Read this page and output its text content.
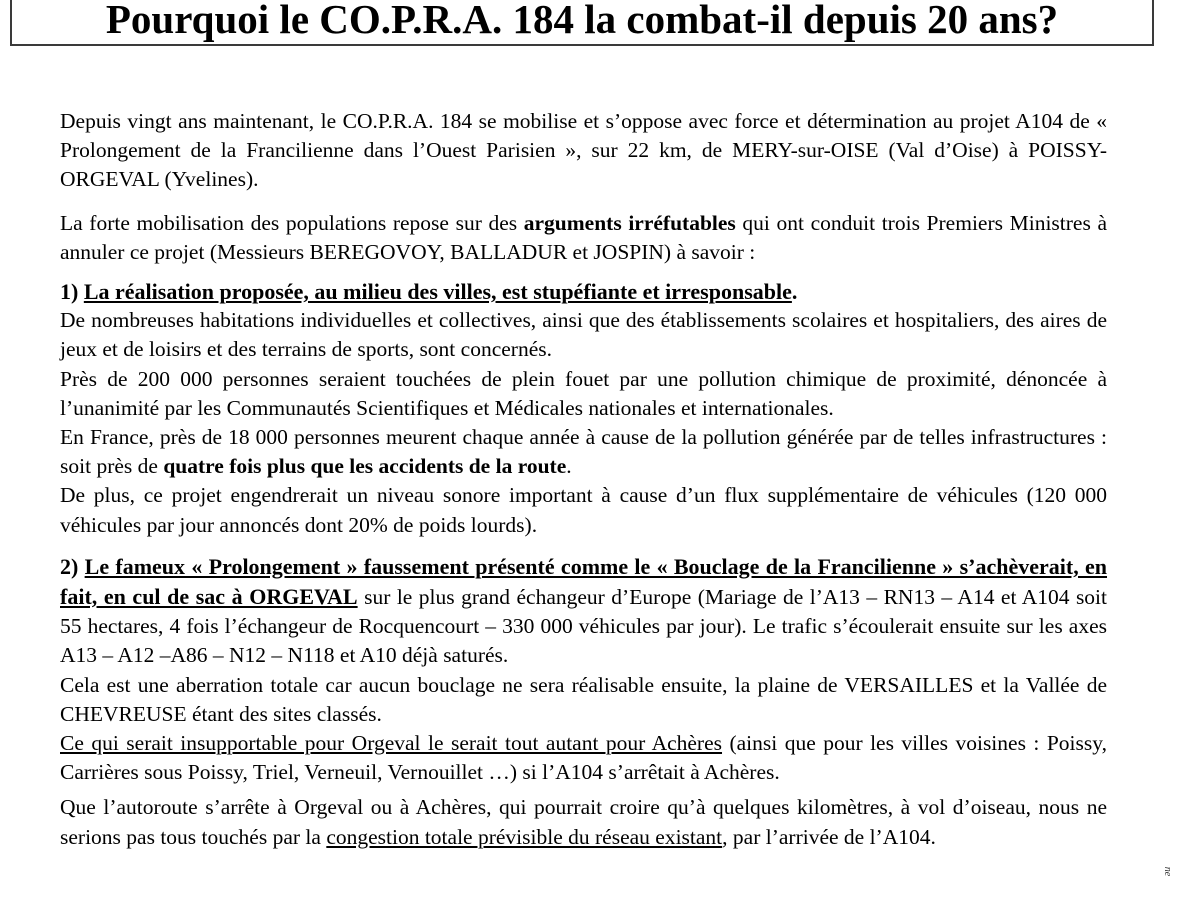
Pourquoi le CO.P.R.A. 184 la combat-il depuis 20 ans?

Depuis vingt ans maintenant, le CO.P.R.A. 184 se mobilise et s’oppose avec force et détermination au projet A104 de « Prolongement de la Francilienne dans l’Ouest Parisien », sur 22 km, de MERY-sur-OISE (Val d’Oise) à POISSY-ORGEVAL (Yvelines).

La forte mobilisation des populations repose sur des arguments irréfutables qui ont conduit trois Premiers Ministres à annuler ce projet (Messieurs BEREGOVOY, BALLADUR et JOSPIN) à savoir :

1) La réalisation proposée, au milieu des villes, est stupéfiante et irresponsable.

De nombreuses habitations individuelles et collectives, ainsi que des établissements scolaires et hospitaliers, des aires de jeux et de loisirs et des terrains de sports, sont concernés.

Près de 200 000 personnes seraient touchées de plein fouet par une pollution chimique de proximité, dénoncée à l’unanimité par les Communautés Scientifiques et Médicales nationales et internationales.

En France, près de 18 000 personnes meurent chaque année à cause de la pollution générée par de telles infrastructures : soit près de quatre fois plus que les accidents de la route.

De plus, ce projet engendrerait un niveau sonore important à cause d’un flux supplémentaire de véhicules (120 000 véhicules par jour annoncés dont 20% de poids lourds).

2) Le fameux « Prolongement » faussement présenté comme le « Bouclage de la Francilienne » s’achèverait, en fait, en cul de sac à ORGEVAL sur le plus grand échangeur d’Europe (Mariage de l’A13 – RN13 – A14 et A104 soit 55 hectares, 4 fois l’échangeur de Rocquencourt – 330 000 véhicules par jour). Le trafic s’écoulerait ensuite sur les axes A13 – A12 –A86 – N12 – N118 et A10 déjà saturés.

Cela est une aberration totale car aucun bouclage ne sera réalisable ensuite, la plaine de VERSAILLES et la Vallée de CHEVREUSE étant des sites classés.

Ce qui serait insupportable pour Orgeval le serait tout autant pour Achères (ainsi que pour les villes voisines : Poissy, Carrières sous Poissy, Triel, Verneuil, Vernouillet …) si l’A104 s’arrêtait à Achères.

Que l’autoroute s’arrête à Orgeval ou à Achères, qui pourrait croire qu’à quelques kilomètres, à vol d’oiseau, nous ne serions pas tous touchés par la congestion totale prévisible du réseau existant, par l’arrivée de l’A104.

ne
